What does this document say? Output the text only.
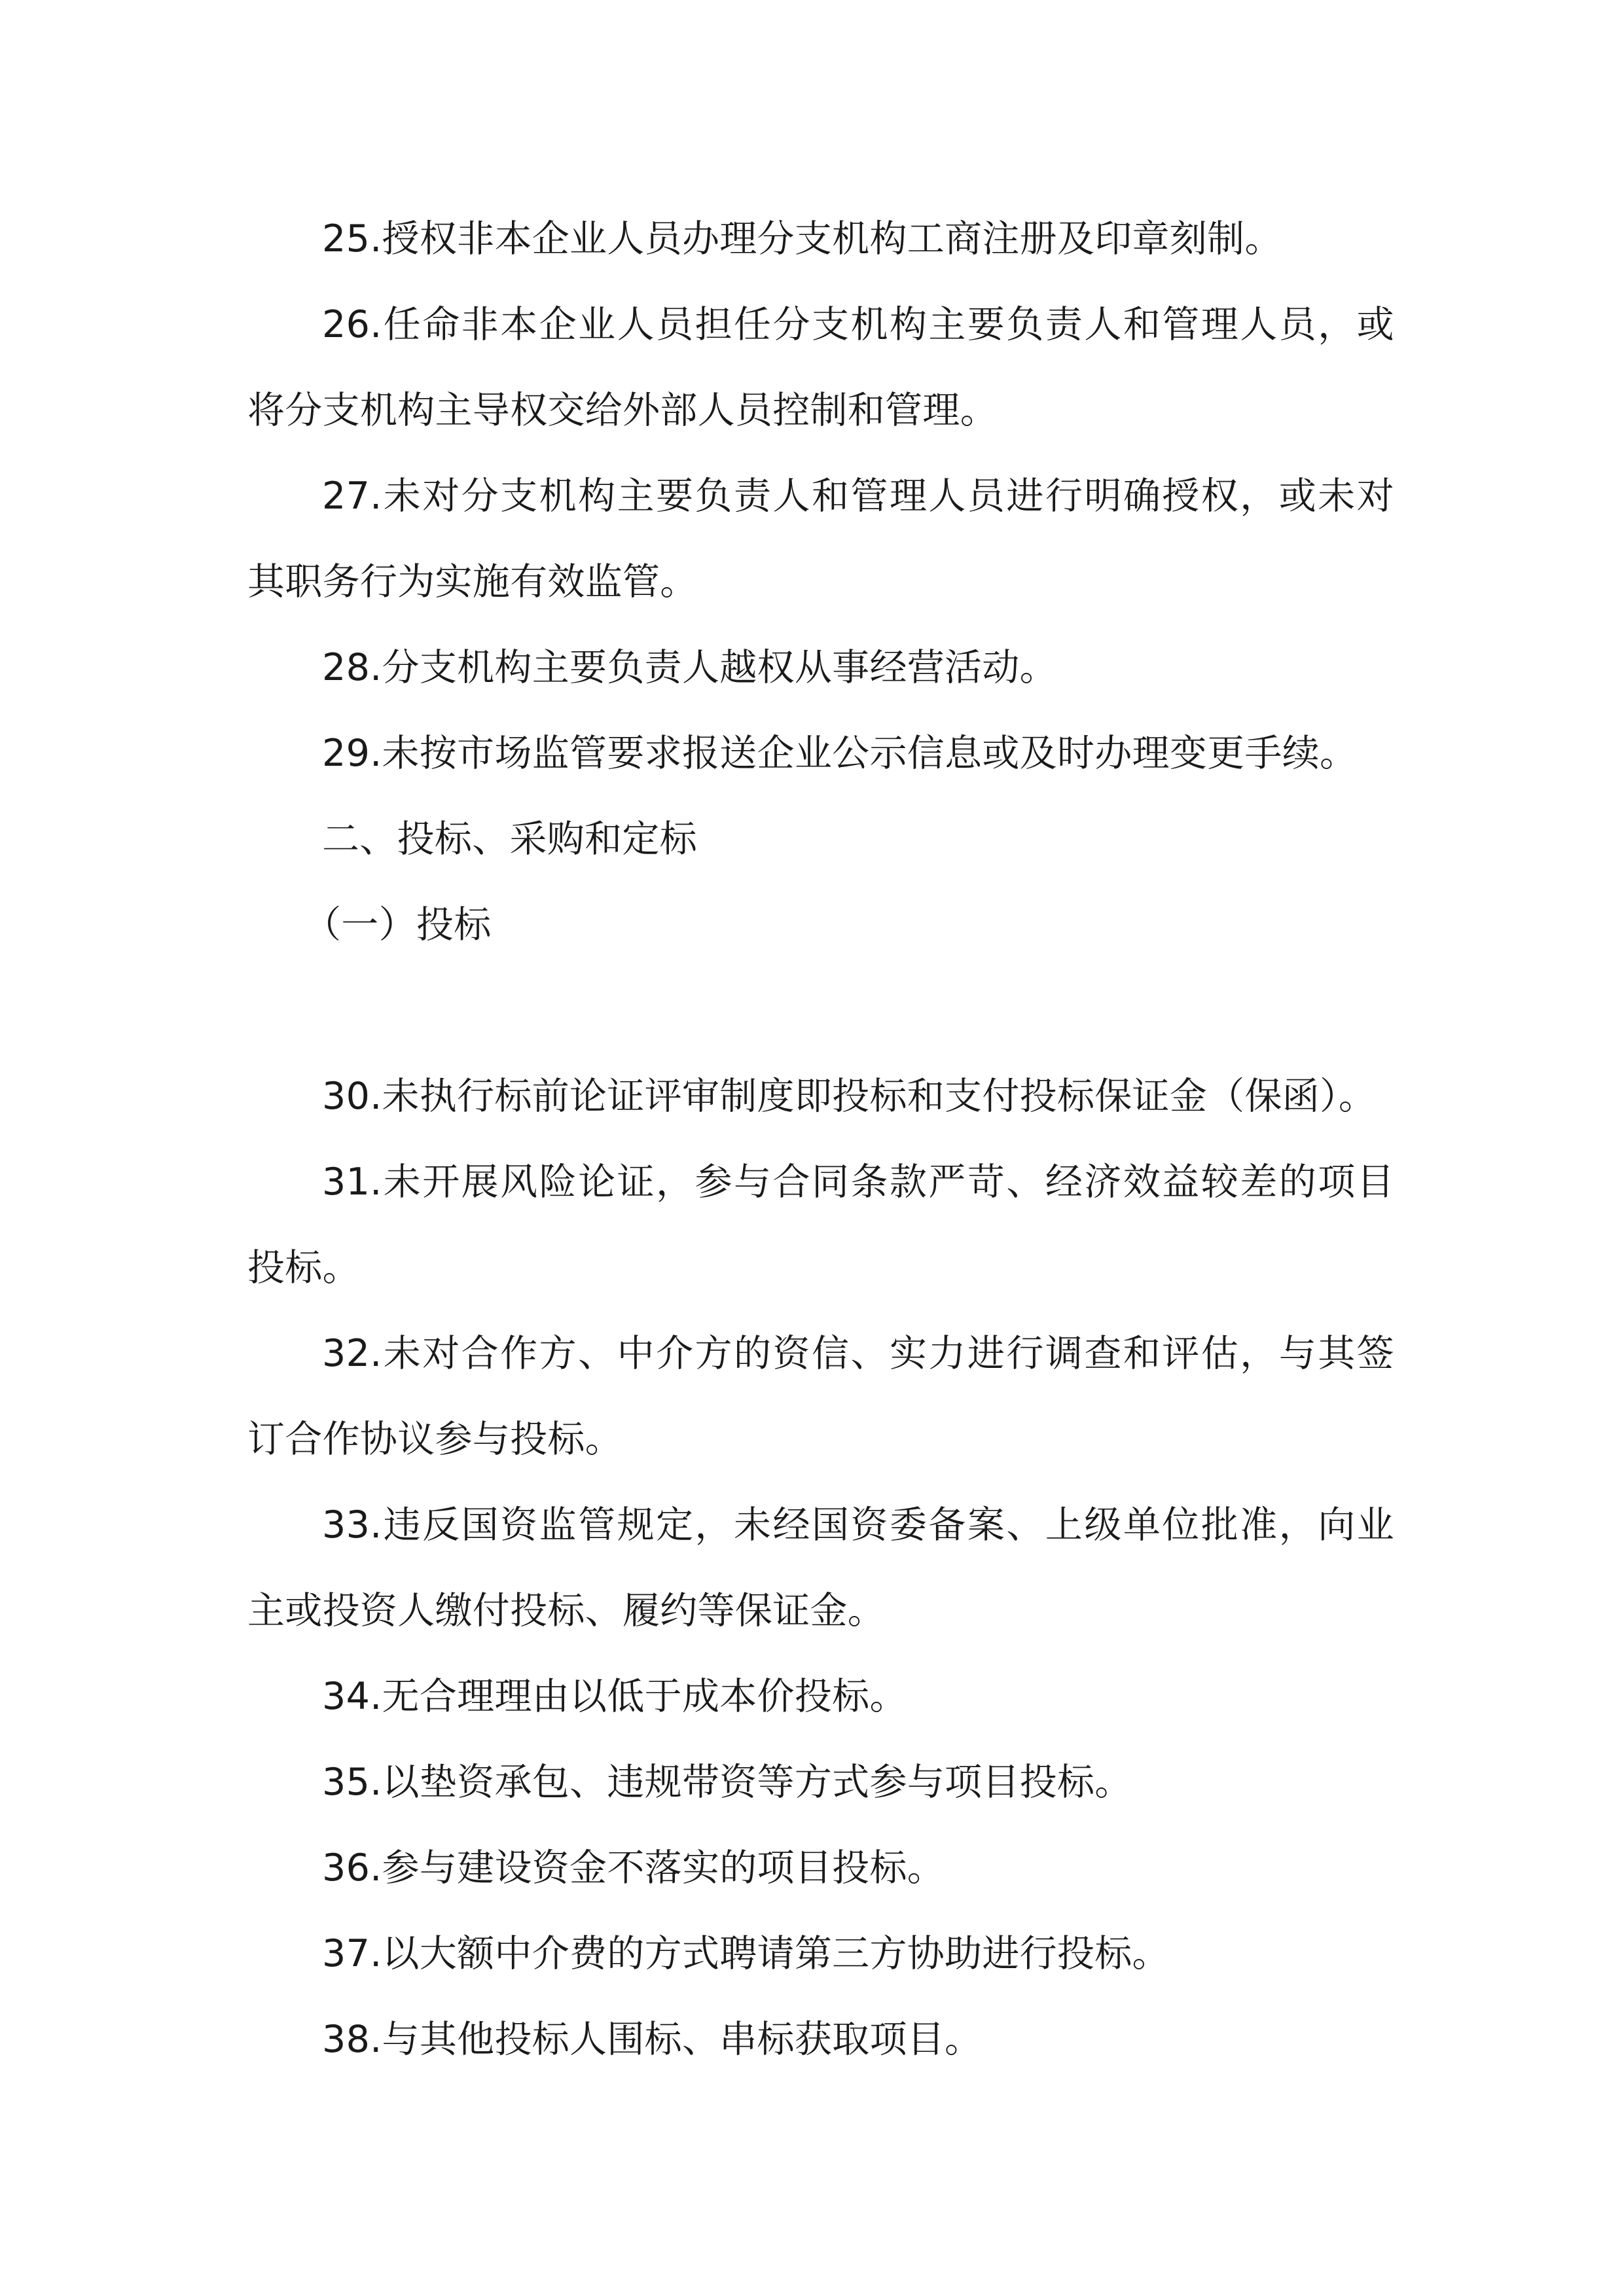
25.授权非本企业人员办理分支机构工商注册及印章刻制。

26.任命非本企业人员担任分支机构主要负责人和管理人员，或将分支机构主导权交给外部人员控制和管理。

27.未对分支机构主要负责人和管理人员进行明确授权，或未对其职务行为实施有效监管。

28.分支机构主要负责人越权从事经营活动。

29.未按市场监管要求报送企业公示信息或及时办理变更手续。

二、投标、采购和定标

（一）投标

30.未执行标前论证评审制度即投标和支付投标保证金（保函）。

31.未开展风险论证，参与合同条款严苛、经济效益较差的项目投标。

32.未对合作方、中介方的资信、实力进行调查和评估，与其签订合作协议参与投标。

33.违反国资监管规定，未经国资委备案、上级单位批准，向业主或投资人缴付投标、履约等保证金。

34.无合理理由以低于成本价投标。

35.以垫资承包、违规带资等方式参与项目投标。

36.参与建设资金不落实的项目投标。

37.以大额中介费的方式聘请第三方协助进行投标。

38.与其他投标人围标、串标获取项目。
